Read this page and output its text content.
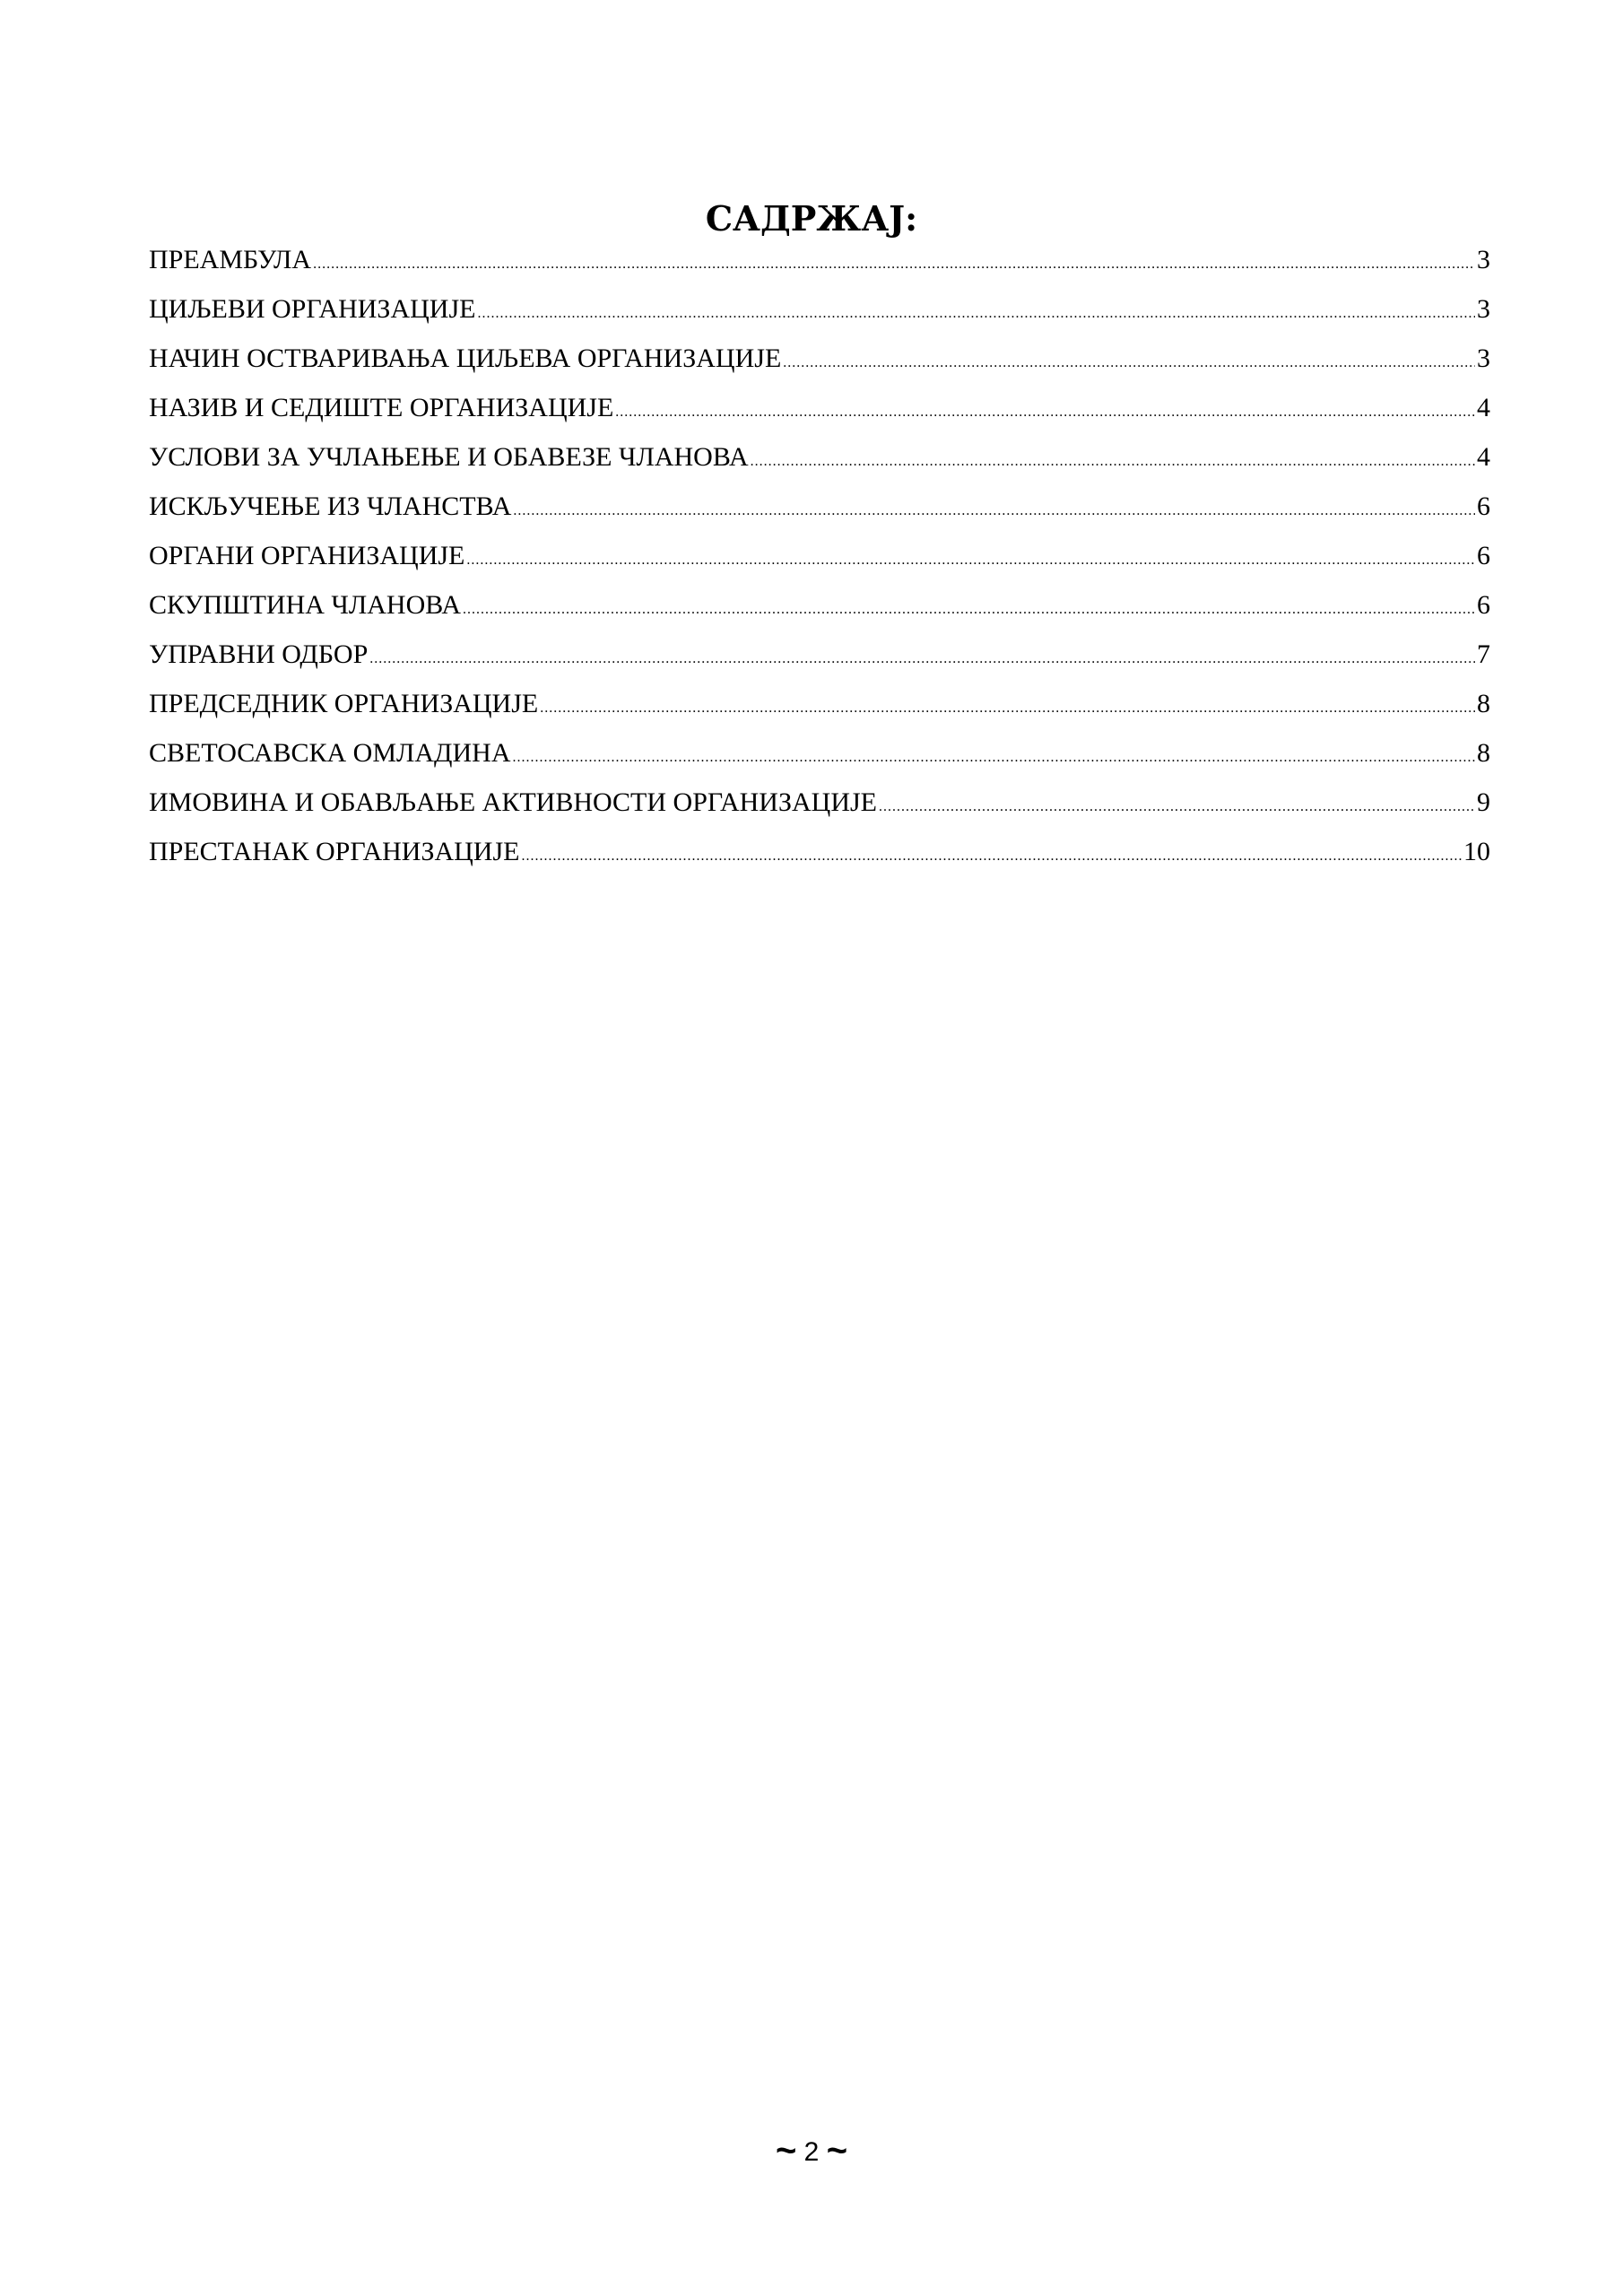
САДРЖАЈ:
ПРЕАМБУЛА .....	3
ЦИЉЕВИ ОРГАНИЗАЦИЈЕ .....	3
НАЧИН ОСТВАРИВАЊА ЦИЉЕВА ОРГАНИЗАЦИЈЕ .....	3
НАЗИВ И СЕДИШТЕ ОРГАНИЗАЦИЈЕ .....	4
УСЛОВИ ЗА УЧЛАЊЕЊЕ И ОБАВЕЗЕ ЧЛАНОВА .....	4
ИСКЉУЧЕЊЕ ИЗ ЧЛАНСТВА .....	6
ОРГАНИ ОРГАНИЗАЦИЈЕ .....	6
СКУПШТИНА ЧЛАНОВА .....	6
УПРАВНИ ОДБОР .....	7
ПРЕДСЕДНИК ОРГАНИЗАЦИЈЕ .....	8
СВЕТОСАВСКА ОМЛАДИНА .....	8
ИМОВИНА И ОБАВЉАЊЕ АКТИВНОСТИ ОРГАНИЗАЦИЈЕ .....	9
ПРЕСТАНАК ОРГАНИЗАЦИЈЕ .....	10
~ 2 ~
